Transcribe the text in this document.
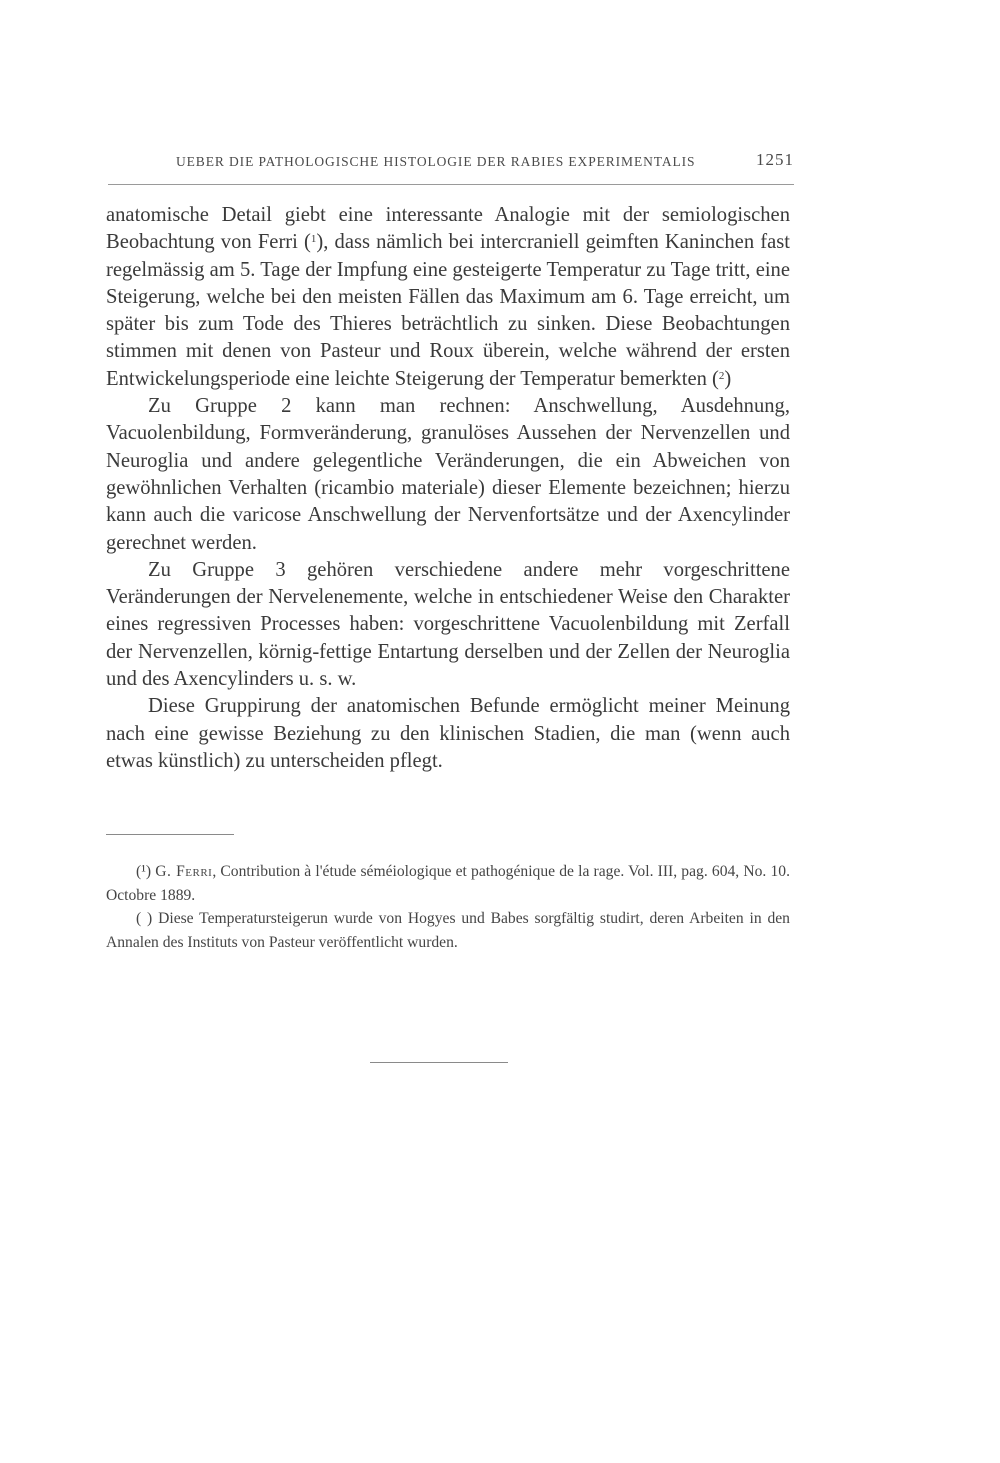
UEBER DIE PATHOLOGISCHE HISTOLOGIE DER RABIES EXPERIMENTALIS	1251

anatomische Detail giebt eine interessante Analogie mit der semiologischen Beobachtung von Ferri ($^1$), dass nämlich bei intercraniell geimften Kaninchen fast regelmässig am 5. Tage der Impfung eine gesteigerte Temperatur zu Tage tritt, eine Steigerung, welche bei den meisten Fällen das Maximum am 6. Tage erreicht, um später bis zum Tode des Thieres beträchtlich zu sinken. Diese Beobachtungen stimmen mit denen von Pasteur und Roux überein, welche während der ersten Entwickelungsperiode eine leichte Steigerung der Temperatur bemerkten ($^2$)

Zu Gruppe 2 kann man rechnen: Anschwellung, Ausdehnung, Vacuolenbildung, Formveränderung, granulöses Aussehen der Nervenzellen und Neuroglia und andere gelegentliche Veränderungen, die ein Abweichen von gewöhnlichen Verhalten (ricambio materiale) dieser Elemente bezeichnen; hierzu kann auch die varicose Anschwellung der Nervenfortsätze und der Axencylinder gerechnet werden.

Zu Gruppe 3 gehören verschiedene andere mehr vorgeschrittene Veränderungen der Nervelenemente, welche in entschiedener Weise den Charakter eines regressiven Processes haben: vorgeschrittene Vacuolenbildung mit Zerfall der Nervenzellen, körnig-fettige Entartung derselben und der Zellen der Neuroglia und des Axencylinders u. s. w.

Diese Gruppirung der anatomischen Befunde ermöglicht meiner Meinung nach eine gewisse Beziehung zu den klinischen Stadien, die man (wenn auch etwas künstlich) zu unterscheiden pflegt.

(¹) G. Ferri, Contribution à l'étude séméiologique et pathogénique de la rage. Vol. III, pag. 604, No. 10. Octobre 1889.

( ) Diese Temperatursteigerun wurde von Hogyes und Babes sorgfältig studirt, deren Arbeiten in den Annalen des Instituts von Pasteur veröffentlicht wurden.
